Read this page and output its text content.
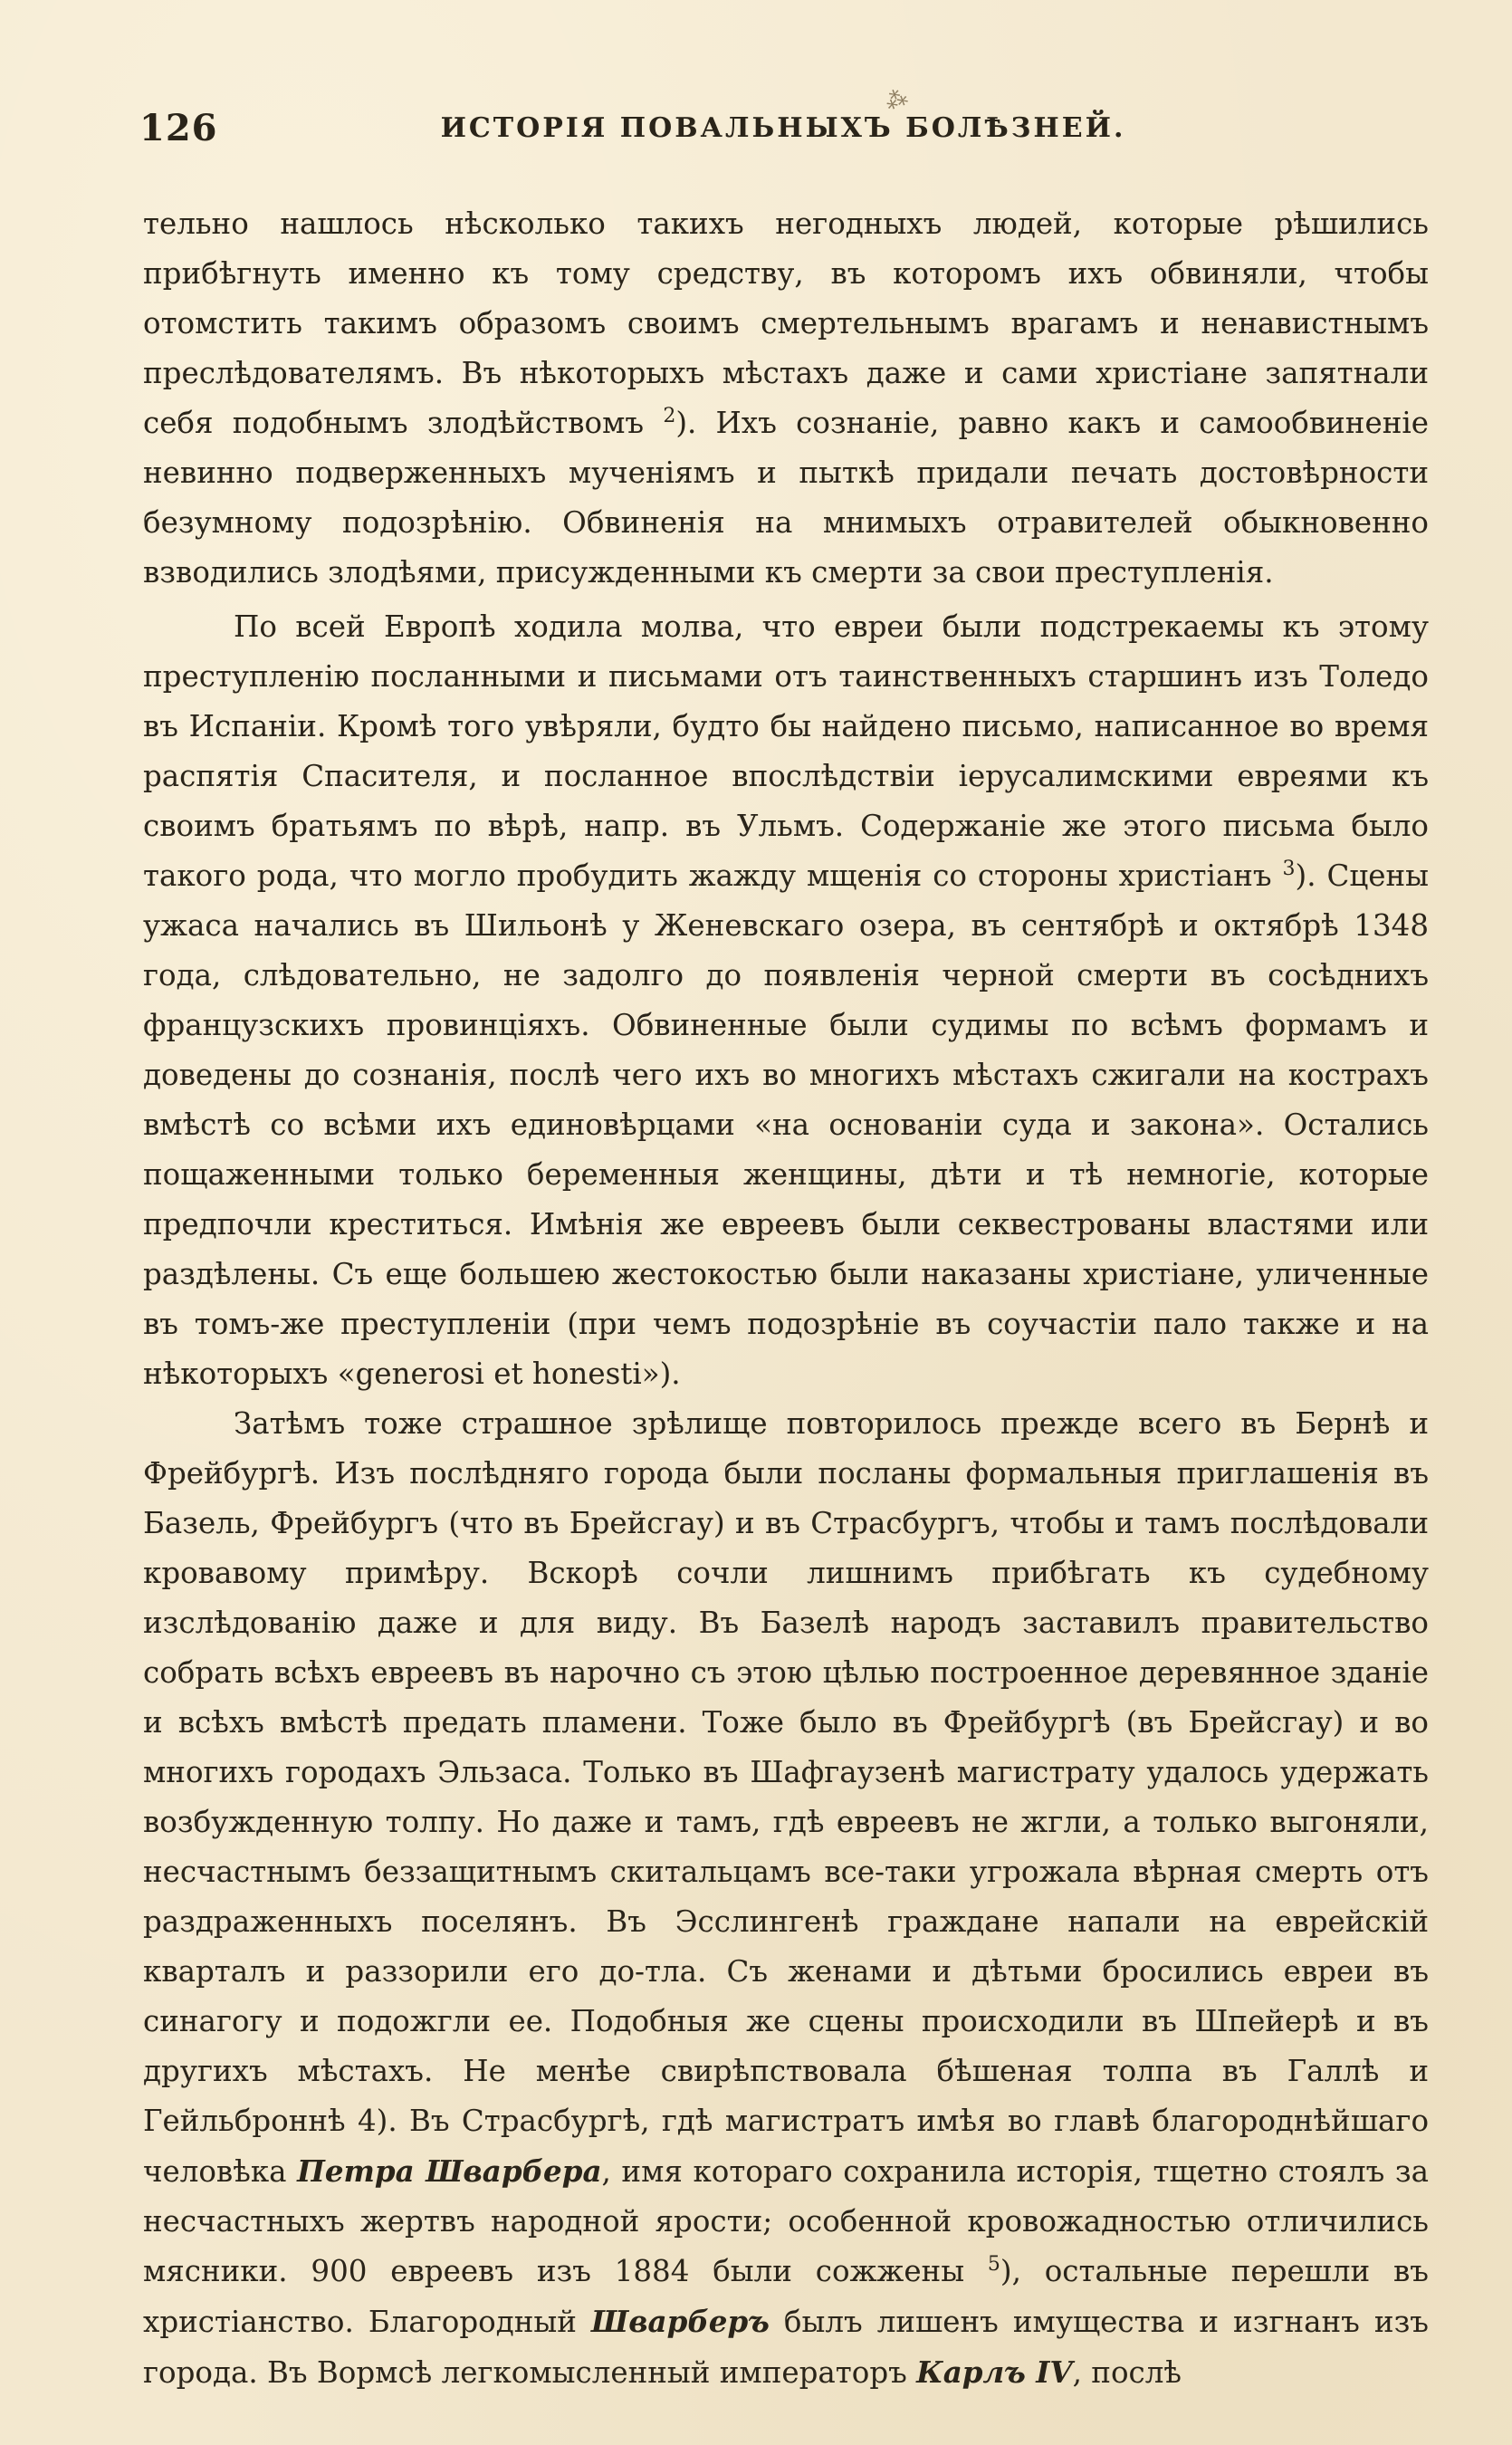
⁂
126	ИСТОРІЯ ПОВАЛЬНЫХЪ БОЛѢЗНЕЙ.

тельно нашлось нѣсколько такихъ негодныхъ людей, которые рѣшились прибѣгнуть именно къ тому средству, въ которомъ ихъ обвиняли, чтобы отомстить такимъ образомъ своимъ смертельнымъ врагамъ и ненавистнымъ преслѣдователямъ. Въ нѣкоторыхъ мѣстахъ даже и сами христіане запятнали себя подобнымъ злодѣйствомъ $^2$). Ихъ сознаніе, равно какъ и самообвиненіе невинно подверженныхъ мученіямъ и пыткѣ придали печать достовѣрности безумному подозрѣнію. Обвиненія на мнимыхъ отравителей обыкновенно взводились злодѣями, присужденными къ смерти за свои преступленія.

По всей Европѣ ходила молва, что евреи были подстрекаемы къ этому преступленію посланными и письмами отъ таинственныхъ старшинъ изъ Толедо въ Испаніи. Кромѣ того увѣряли, будто бы найдено письмо, написанное во время распятія Спасителя, и посланное впослѣдствіи іерусалимскими евреями къ своимъ братьямъ по вѣрѣ, напр. въ Ульмъ. Содержаніе же этого письма было такого рода, что могло пробудить жажду мщенія со стороны христіанъ $^3$). Сцены ужаса начались въ Шильонѣ у Женевскаго озера, въ сентябрѣ и октябрѣ 1348 года, слѣдовательно, не задолго до появленія черной смерти въ сосѣднихъ французскихъ провинціяхъ. Обвиненные были судимы по всѣмъ формамъ и доведены до сознанія, послѣ чего ихъ во многихъ мѣстахъ сжигали на кострахъ вмѣстѣ со всѣми ихъ единовѣрцами «на основаніи суда и закона». Остались пощаженными только беременныя женщины, дѣти и тѣ немногіе, которые предпочли креститься. Имѣнія же евреевъ были секвестрованы властями или раздѣлены. Съ еще большею жестокостью были наказаны христіане, уличенные въ томъ-же преступленіи (при чемъ подозрѣніе въ соучастіи пало также и на нѣкоторыхъ «generosi et honesti»).

Затѣмъ тоже страшное зрѣлище повторилось прежде всего въ Бернѣ и Фрейбургѣ. Изъ послѣдняго города были посланы формальныя приглашенія въ Базель, Фрейбургъ (что въ Брейсгау) и въ Страсбургъ, чтобы и тамъ послѣдовали кровавому примѣру. Вскорѣ сочли лишнимъ прибѣгать къ судебному изслѣдованію даже и для виду. Въ Базелѣ народъ заставилъ правительство собрать всѣхъ евреевъ въ нарочно съ этою цѣлью построенное деревянное зданіе и всѣхъ вмѣстѣ предать пламени. Тоже было въ Фрейбургѣ (въ Брейсгау) и во многихъ городахъ Эльзаса. Только въ Шафгаузенѣ магистрату удалось удержать возбужденную толпу. Но даже и тамъ, гдѣ евреевъ не жгли, а только выгоняли, несчастнымъ беззащитнымъ скитальцамъ все-таки угрожала вѣрная смерть отъ раздраженныхъ поселянъ. Въ Эсслингенѣ граждане напали на еврейскій кварталъ и раззорили его до-тла. Съ женами и дѣтьми бросились евреи въ синагогу и подожгли ее. Подобныя же сцены происходили въ Шпейерѣ и въ другихъ мѣстахъ. Не менѣе свирѣпствовала бѣшеная толпа въ Галлѣ и Гейльброннѣ 4). Въ Страсбургѣ, гдѣ магистратъ имѣя во главѣ благороднѣйшаго человѣка Петра Шварбера, имя котораго сохранила исторія, тщетно стоялъ за несчастныхъ жертвъ народной ярости; особенной кровожадностью отличились мясники. 900 евреевъ изъ 1884 были сожжены $^5$), остальные перешли въ христіанство. Благородный Шварберъ былъ лишенъ имущества и изгнанъ изъ города. Въ Вормсѣ легкомысленный императоръ Карлъ IV, послѣ
